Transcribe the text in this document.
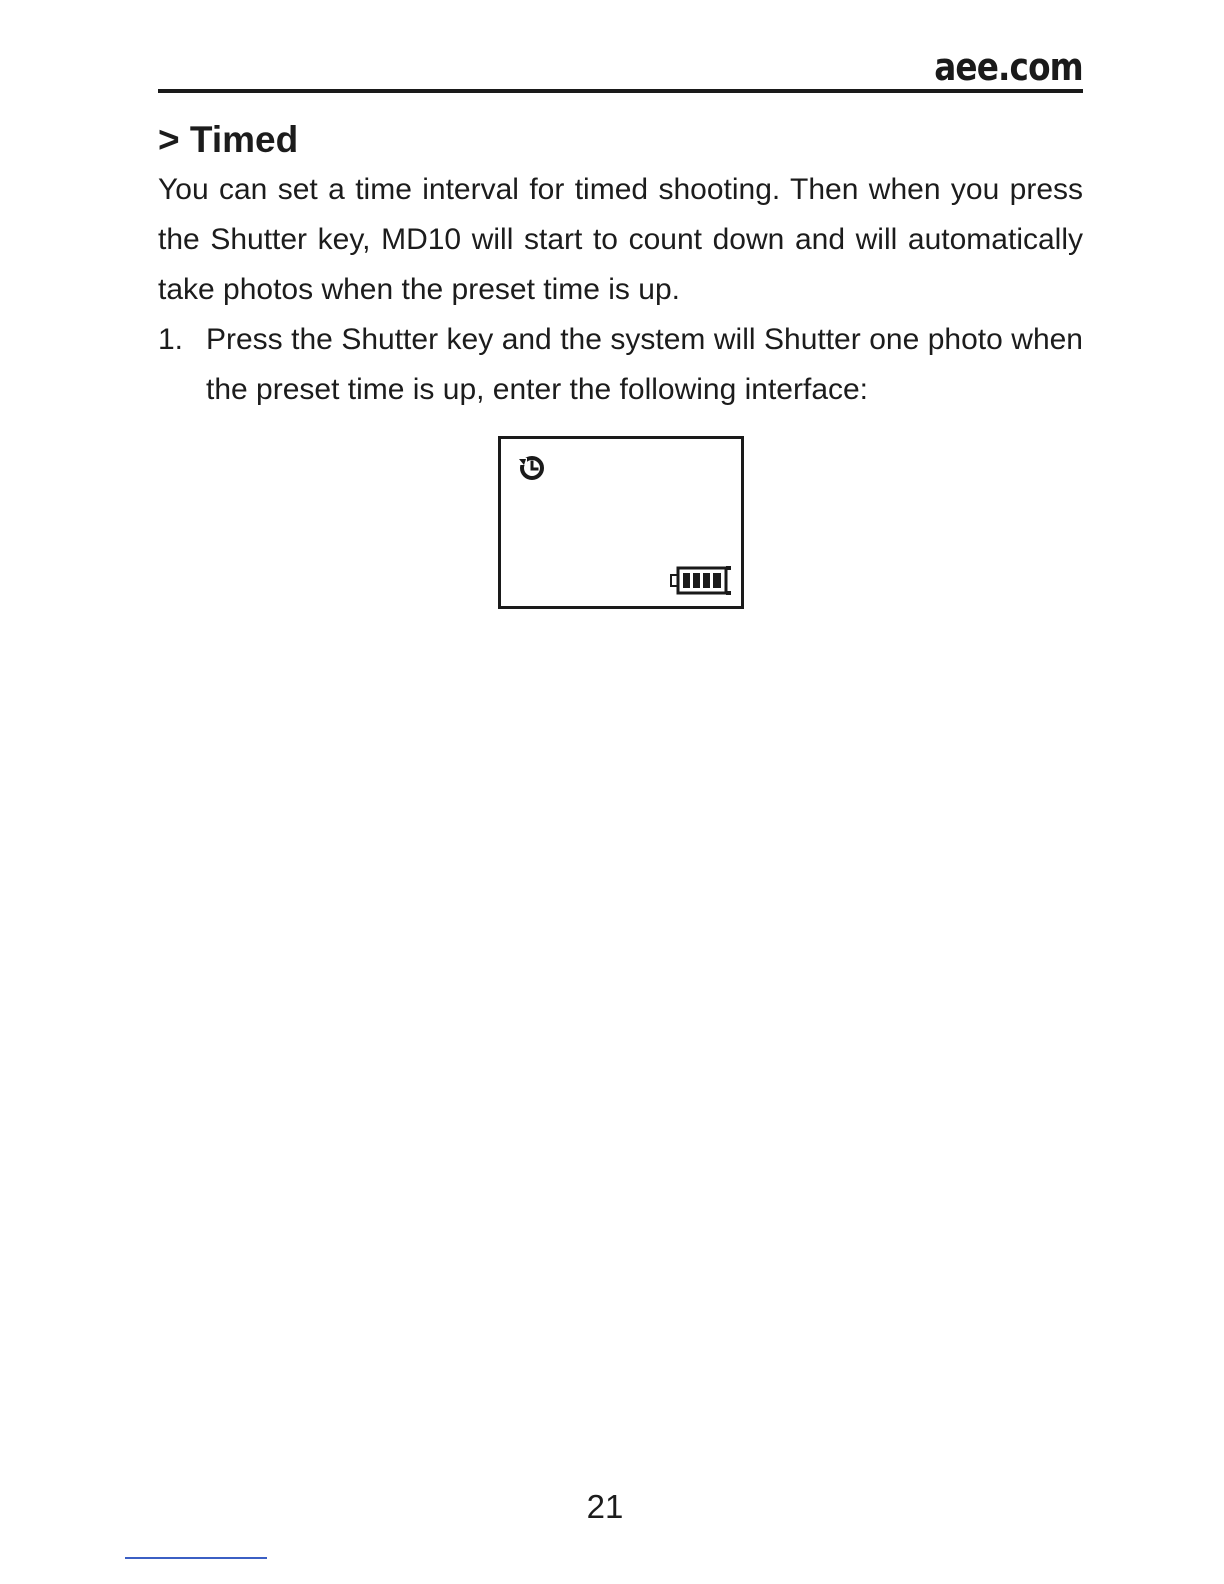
aee.com
> Timed

You can set a time interval for timed shooting. Then when you press the Shutter key, MD10 will start to count down and will automatically take photos when the preset time is up.

1. Press the Shutter key and the system will Shutter one photo when the preset time is up, enter the following interface:
21
